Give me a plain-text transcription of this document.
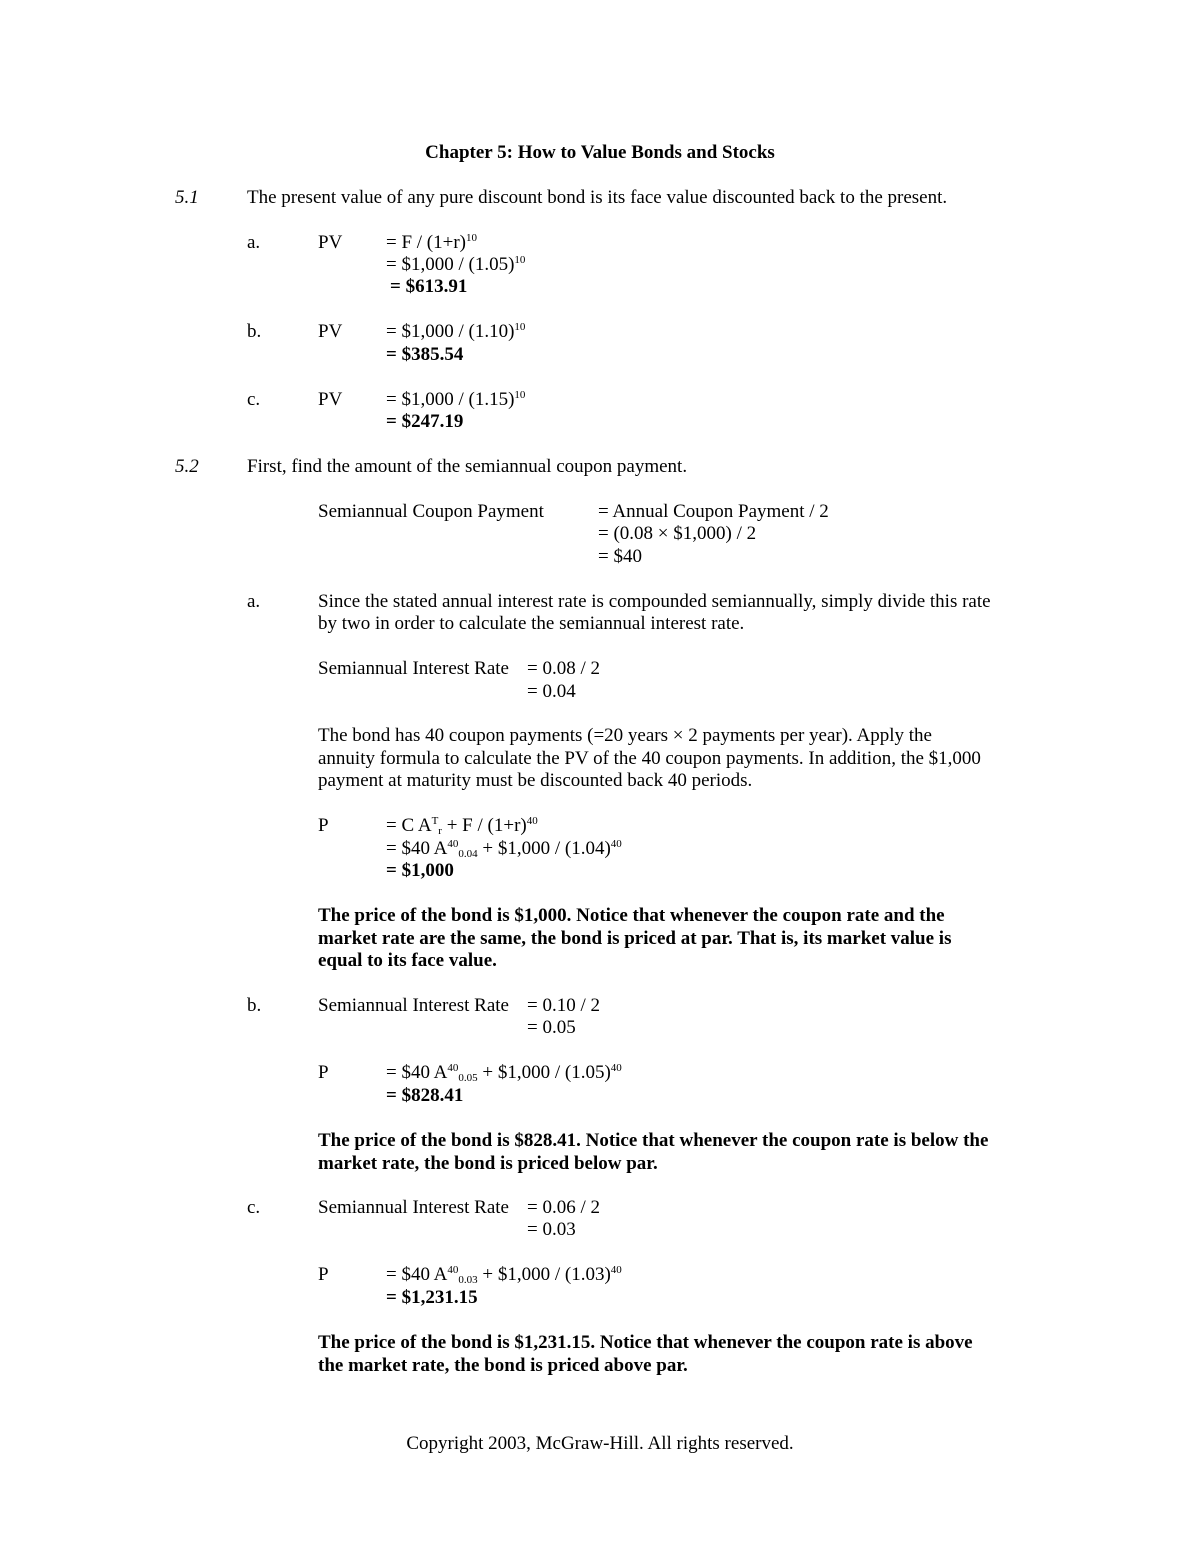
Chapter 5: How to Value Bonds and Stocks
5.1	The present value of any pure discount bond is its face value discounted back to the present.
a.	PV = $F / (1+r)^{10}$
= $1,000 / $(1.05)^{10}$
= $613.91
b.	PV = $1,000 / $(1.10)^{10}$
= $385.54
c.	PV = $1,000 / $(1.15)^{10}$
= $247.19
5.2	First, find the amount of the semiannual coupon payment.
Semiannual Coupon Payment	= Annual Coupon Payment / 2
= (0.08 × $1,000) / 2
= $40
a.	Since the stated annual interest rate is compounded semiannually, simply divide this rate
by two in order to calculate the semiannual interest rate.
Semiannual Interest Rate = 0.08 / 2
= 0.04
The bond has 40 coupon payments (=20 years × 2 payments per year). Apply the
annuity formula to calculate the PV of the 40 coupon payments. In addition, the $1,000
payment at maturity must be discounted back 40 periods.
P	= C $A^T_r + F / (1+r)^{40}$
= $40 $A^{40}_{0.04}$ + $1,000 / $(1.04)^{40}$
= $1,000
The price of the bond is $1,000. Notice that whenever the coupon rate and the
market rate are the same, the bond is priced at par. That is, its market value is
equal to its face value.
b.	Semiannual Interest Rate = 0.10 / 2
= 0.05
P	= $40 $A^{40}_{0.05}$ + $1,000 / $(1.05)^{40}$
= $828.41
The price of the bond is $828.41. Notice that whenever the coupon rate is below the
market rate, the bond is priced below par.
c.	Semiannual Interest Rate = 0.06 / 2
= 0.03
P	= $40 $A^{40}_{0.03}$ + $1,000 / $(1.03)^{40}$
= $1,231.15
The price of the bond is $1,231.15. Notice that whenever the coupon rate is above
the market rate, the bond is priced above par.
Copyright 2003, McGraw-Hill. All rights reserved.
